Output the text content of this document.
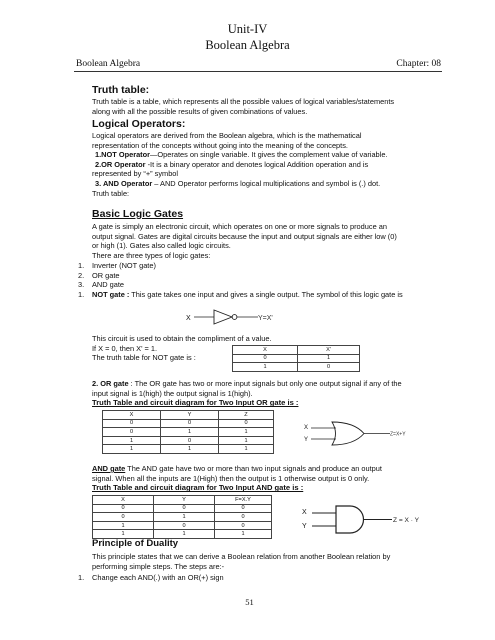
Unit-IV
Boolean Algebra
Boolean Algebra	Chapter: 08
Truth table:
Truth table is a table, which represents all the possible values of logical variables/statements
along with all the possible results of given combinations of values.
Logical Operators:
Logical operators are derived from the Boolean algebra, which is the mathematical
representation of the concepts without going into the meaning of the concepts.
1.NOT Operator—Operates on single variable. It gives the complement value of variable.
2.OR Operator -It is a binary operator and denotes logical Addition operation and is
represented by “+” symbol
3. AND Operator – AND Operator performs logical multiplications and symbol is (.) dot.
Truth table:
Basic Logic Gates
A gate is simply an electronic circuit, which operates on one or more signals to produce an
output signal. Gates are digital circuits because the input and output signals are either low (0)
or high (1). Gates also called logic circuits.
There are three types of logic gates:
1. Inverter (NOT gate)
2. OR gate
3. AND gate
1. NOT gate : This gate takes one input and gives a single output. The symbol of this logic gate is
X	Y=X'
This circuit is used to obtain the compliment of a value.
If X = 0, then X' = 1.
The truth table for NOT gate is :
X	X'
0	1
1	0
2. OR gate : The OR gate has two or more input signals but only one output signal if any of the
input signal is 1(high) the output signal is 1(high).
Truth Table and circuit diagram for Two Input OR gate is :
X	Y	Z
0	0	0
0	1	1
1	0	1
1	1	1
X
Y
Z=X+Y
AND gate The AND gate have two or more than two input signals and produce an output
signal. When all the inputs are 1(High) then the output is 1 otherwise output is 0 only.
Truth Table and circuit diagram for Two Input AND gate is :
X	Y	F=X.Y
0	0	0
0	1	0
1	0	0
1	1	1
X
Y
Z = X · Y
Principle of Duality
This principle states that we can derive a Boolean relation from another Boolean relation by
performing simple steps. The steps are:-
1. Change each AND(.) with an OR(+) sign
51
